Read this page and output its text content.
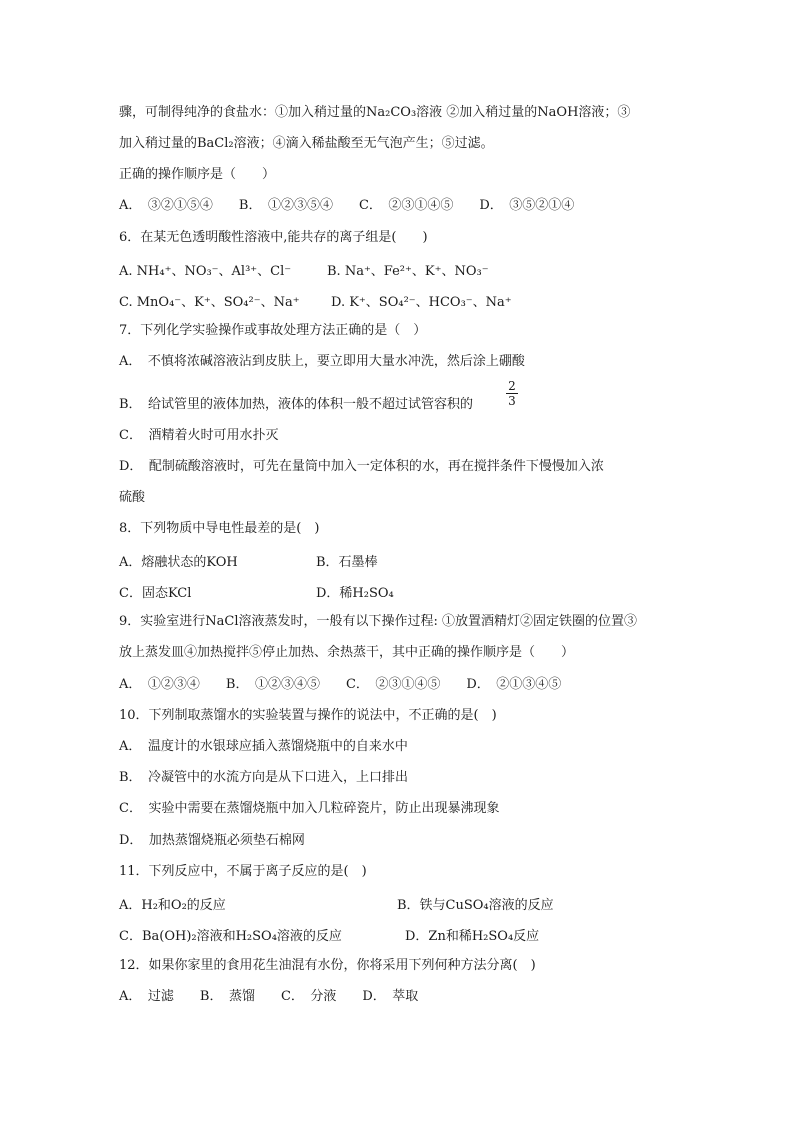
骤，可制得纯净的食盐水：①加入稍过量的Na₂CO₃溶液 ②加入稍过量的NaOH溶液；③
加入稍过量的BaCl₂溶液；④滴入稀盐酸至无气泡产生；⑤过滤。
正确的操作顺序是（　　）
A．　③②①⑤④　　B．　①②③⑤④　　C．　②③①④⑤　　D．　③⑤②①④
6．在某无色透明酸性溶液中,能共存的离子组是(　　)
A. NH₄⁺、NO₃⁻、Al³⁺、Cl⁻	B. Na⁺、Fe²⁺、K⁺、NO₃⁻
C. MnO₄⁻、K⁺、SO₄²⁻、Na⁺ D. K⁺、SO₄²⁻、HCO₃⁻、Na⁺
7．下列化学实验操作或事故处理方法正确的是（　）
A．　不慎将浓碱溶液沾到皮肤上，要立即用大量水冲洗，然后涂上硼酸
B．　给试管里的液体加热，液体的体积一般不超过试管容积的
2
3
C．　酒精着火时可用水扑灭
D．　配制硫酸溶液时，可先在量筒中加入一定体积的水，再在搅拌条件下慢慢加入浓
硫酸
8．下列物质中导电性最差的是(　)
A．熔融状态的KOH	B．石墨棒
C．固态KCl	D．稀H₂SO₄
9．实验室进行NaCl溶液蒸发时，一般有以下操作过程: ①放置酒精灯②固定铁圈的位置③
放上蒸发皿④加热搅拌⑤停止加热、余热蒸干，其中正确的操作顺序是（　　）
A．　①②③④　　B．　①②③④⑤　　C．　②③①④⑤　　D．　②①③④⑤
10．下列制取蒸馏水的实验装置与操作的说法中，不正确的是(　)
A．　温度计的水银球应插入蒸馏烧瓶中的自来水中
B．　冷凝管中的水流方向是从下口进入，上口排出
C．　实验中需要在蒸馏烧瓶中加入几粒碎瓷片，防止出现暴沸现象
D．　加热蒸馏烧瓶必须垫石棉网
11．下列反应中，不属于离子反应的是(　)
A．H₂和O₂的反应	B．铁与CuSO₄溶液的反应
C．Ba(OH)₂溶液和H₂SO₄溶液的反应	D．Zn和稀H₂SO₄反应
12．如果你家里的食用花生油混有水份，你将采用下列何种方法分离(　)
A．　过滤　　B．　蒸馏　　C．　分液　　D．　萃取
